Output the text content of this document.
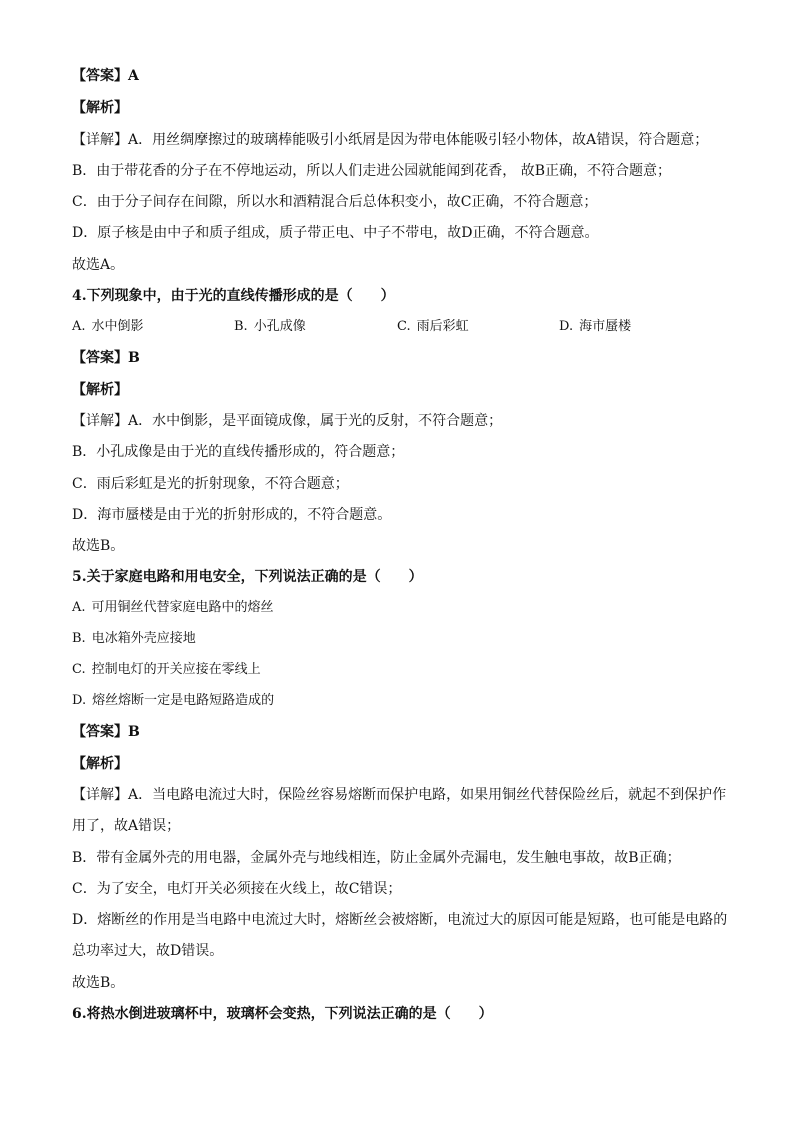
【答案】A
【解析】
【详解】A．用丝绸摩擦过的玻璃棒能吸引小纸屑是因为带电体能吸引轻小物体，故A错误，符合题意；
B．由于带花香的分子在不停地运动，所以人们走进公园就能闻到花香， 故B正确，不符合题意；
C．由于分子间存在间隙，所以水和酒精混合后总体积变小，故C正确，不符合题意；
D．原子核是由中子和质子组成，质子带正电、中子不带电，故D正确，不符合题意。
故选A。
4.下列现象中，由于光的直线传播形成的是（　　）
A. 水中倒影	B. 小孔成像	C. 雨后彩虹	D. 海市蜃楼
【答案】B
【解析】
【详解】A．水中倒影，是平面镜成像，属于光的反射，不符合题意；
B．小孔成像是由于光的直线传播形成的，符合题意；
C．雨后彩虹是光的折射现象，不符合题意；
D．海市蜃楼是由于光的折射形成的，不符合题意。
故选B。
5.关于家庭电路和用电安全，下列说法正确的是（　　）
A. 可用铜丝代替家庭电路中的熔丝
B. 电冰箱外壳应接地
C. 控制电灯的开关应接在零线上
D. 熔丝熔断一定是电路短路造成的
【答案】B
【解析】
【详解】A．当电路电流过大时，保险丝容易熔断而保护电路，如果用铜丝代替保险丝后，就起不到保护作
用了，故A错误；
B．带有金属外壳的用电器，金属外壳与地线相连，防止金属外壳漏电，发生触电事故，故B正确；
C．为了安全，电灯开关必须接在火线上，故C错误；
D．熔断丝的作用是当电路中电流过大时，熔断丝会被熔断，电流过大的原因可能是短路，也可能是电路的
总功率过大，故D错误。
故选B。
6.将热水倒进玻璃杯中，玻璃杯会变热，下列说法正确的是（　　）
